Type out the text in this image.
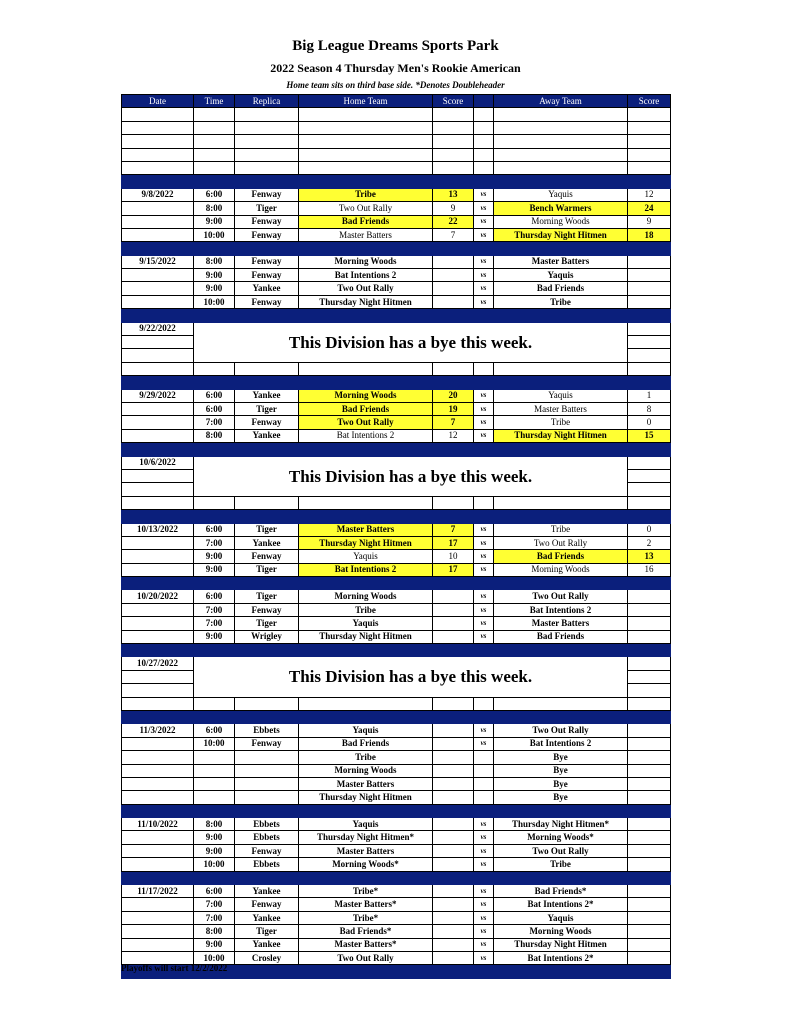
Big League Dreams Sports Park
2022 Season 4 Thursday Men's Rookie American
Home team sits on third base side. *Denotes Doubleheader
Date	Time	Replica	Home Team	Score		Away Team	Score

9/8/2022	6:00	Fenway	Tribe	13	vs	Yaquis	12
	8:00	Tiger	Two Out Rally	9	vs	Bench Warmers	24
	9:00	Fenway	Bad Friends	22	vs	Morning Woods	9
	10:00	Fenway	Master Batters	7	vs	Thursday Night Hitmen	18

9/15/2022	8:00	Fenway	Morning Woods		vs	Master Batters	
	9:00	Fenway	Bat Intentions 2		vs	Yaquis	
	9:00	Yankee	Two Out Rally		vs	Bad Friends	
	10:00	Fenway	Thursday Night Hitmen		vs	Tribe	

9/22/2022	This Division has a bye this week.						

9/29/2022	6:00	Yankee	Morning Woods	20	vs	Yaquis	1
	6:00	Tiger	Bad Friends	19	vs	Master Batters	8
	7:00	Fenway	Two Out Rally	7	vs	Tribe	0
	8:00	Yankee	Bat Intentions 2	12	vs	Thursday Night Hitmen	15

10/6/2022	This Division has a bye this week.						

10/13/2022	6:00	Tiger	Master Batters	7	vs	Tribe	0
	7:00	Yankee	Thursday Night Hitmen	17	vs	Two Out Rally	2
	9:00	Fenway	Yaquis	10	vs	Bad Friends	13
	9:00	Tiger	Bat Intentions 2	17	vs	Morning Woods	16

10/20/2022	6:00	Tiger	Morning Woods		vs	Two Out Rally	
	7:00	Fenway	Tribe		vs	Bat Intentions 2	
	7:00	Tiger	Yaquis		vs	Master Batters	
	9:00	Wrigley	Thursday Night Hitmen		vs	Bad Friends	

10/27/2022	This Division has a bye this week.						

11/3/2022	6:00	Ebbets	Yaquis		vs	Two Out Rally	
	10:00	Fenway	Bad Friends		vs	Bat Intentions 2	
			Tribe			Bye	
			Morning Woods			Bye	
			Master Batters			Bye	
			Thursday Night Hitmen			Bye	

11/10/2022	8:00	Ebbets	Yaquis		vs	Thursday Night Hitmen*	
	9:00	Ebbets	Thursday Night Hitmen*		vs	Morning Woods*	
	9:00	Fenway	Master Batters		vs	Two Out Rally	
	10:00	Ebbets	Morning Woods*		vs	Tribe	

11/17/2022	6:00	Yankee	Tribe*		vs	Bad Friends*	
	7:00	Fenway	Master Batters*		vs	Bat Intentions 2*	
	7:00	Yankee	Tribe*		vs	Yaquis	
	8:00	Tiger	Bad Friends*		vs	Morning Woods	
	9:00	Yankee	Master Batters*		vs	Thursday Night Hitmen	
	10:00	Crosley	Two Out Rally		vs	Bat Intentions 2*	

Playoffs will start 12/2/2022
